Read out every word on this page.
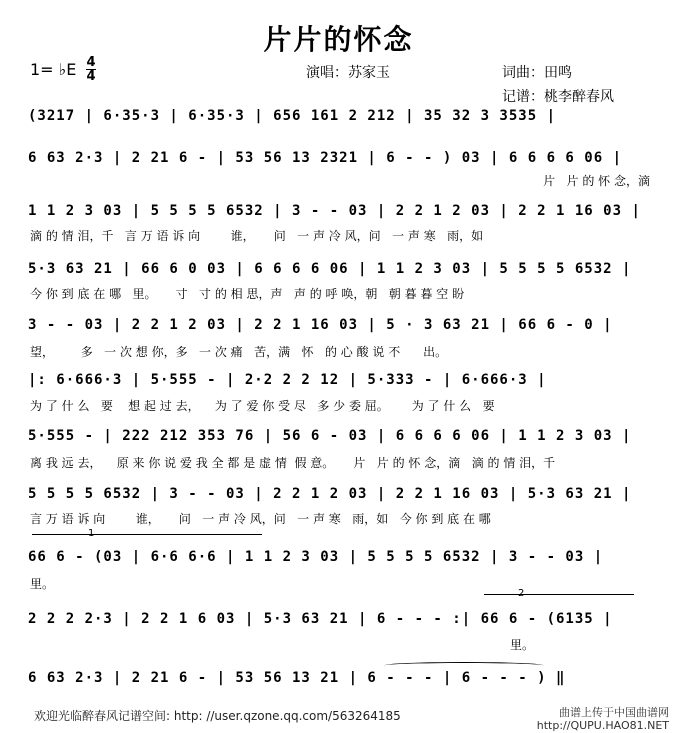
片片的怀念
1= ♭E 4
4	演唱：苏家玉	词曲：田鸣
记谱：桃李醉春风
(3217 | 6·35·3 | 6·35·3 | 656 161 2 212 | 35 32 3 3535 |
6 63 2·3 | 2 21 6 - | 53 56 13 2321 | 6 - - ) 03 | 6 6 6 6 06 |
片   片 的 怀 念，滴
1 1 2 3 03 | 5 5 5 5 6532 | 3 - - 03 | 2 2 1 2 03 | 2 2 1 16 03 |
滴 的 情 泪，千   言 万 语 诉 向        谁，     问   一 声 冷 风，问   一 声 寒   雨，如
5·3 63 21 | 66 6 0 03 | 6 6 6 6 06 | 1 1 2 3 03 | 5 5 5 5 6532 |
今 你 到 底 在 哪   里。     寸   寸 的 相 思，声   声 的 呼 唤，朝   朝 暮 暮 空 盼
3 - - 03 | 2 2 1 2 03 | 2 2 1 16 03 | 5 · 3 63 21 | 66 6 - 0 |
望，       多   一 次 想 你，多   一 次 痛   苦，满   怀   的 心 酸 说 不      出。
|: 6·666·3 | 5·555 - | 2·2 2 2 12 | 5·333 - | 6·666·3 |
为 了 什 么   要    想 起 过 去，    为 了 爱 你 受 尽   多 少 委 屈。      为 了 什 么   要
5·555 - | 222 212 353 76 | 56 6 - 03 | 6 6 6 6 06 | 1 1 2 3 03 |
离 我 远 去，    原 来 你 说 爱 我 全 都 是 虚 情  假 意。     片   片 的 怀 念，滴   滴 的 情 泪，千
5 5 5 5 6532 | 3 - - 03 | 2 2 1 2 03 | 2 2 1 16 03 | 5·3 63 21 |
言 万 语 诉 向        谁，     问   一 声 冷 风，问   一 声 寒   雨，如   今 你 到 底 在 哪
66 6 - (03 | 6·6 6·6 | 1 1 2 3 03 | 5 5 5 5 6532 | 3 - - 03 |
里。
1
2 2 2 2·3 | 2 2 1 6 03 | 5·3 63 21 | 6 - - - :| 66 6 - (6135 |
里。
2
6 63 2·3 | 2 21 6 - | 53 56 13 21 | 6 - - - | 6 - - - ) ‖
欢迎光临醉春风记谱空间: http: //user.qzone.qq.com/563264185	曲谱上传于中国曲谱网
http://QUPU.HAO81.NET
